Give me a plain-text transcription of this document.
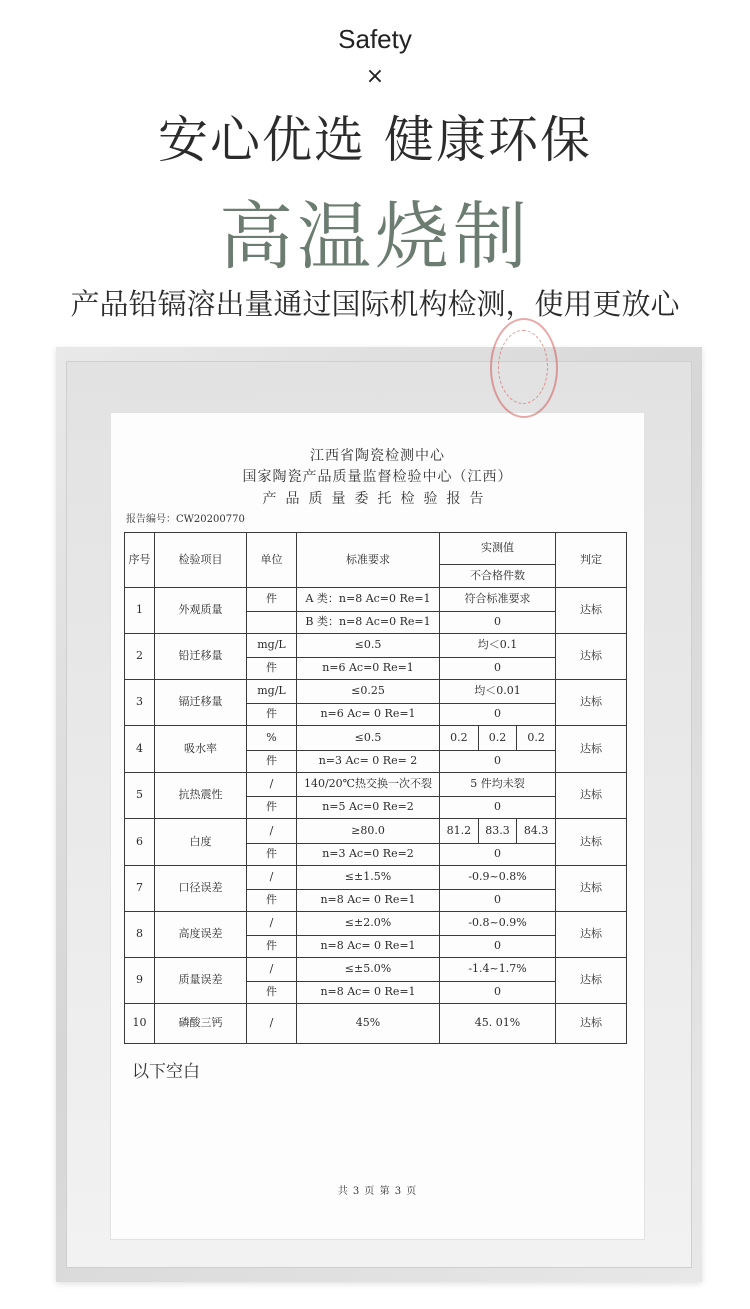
Safety
×
安心优选 健康环保
高温烧制
产品铅镉溶出量通过国际机构检测，使用更放心
江西省陶瓷检测中心
国家陶瓷产品质量监督检验中心（江西）
产品质量委托检验报告
报告编号：CW20200770
序号	检验项目	单位	标准要求	实测值	判定
				不合格件数	
1	外观质量	件	A 类：n=8 Ac=0 Re=1	符合标准要求	达标
			B 类：n=8 Ac=0 Re=1	0	
2	铅迁移量	mg/L	≤0.5	均＜0.1	达标
		件	n=6 Ac=0 Re=1	0	
3	镉迁移量	mg/L	≤0.25	均＜0.01	达标
		件	n=6 Ac= 0 Re=1	0	
4	吸水率	%	≤0.5	0.2 0.2 0.2	达标
		件	n=3 Ac= 0 Re= 2	0	
5	抗热震性	/	140/20℃热交换一次不裂	5 件均未裂	达标
		件	n=5 Ac=0 Re=2	0	
6	白度	/	≥80.0	81.2 83.3 84.3	达标
		件	n=3 Ac=0 Re=2	0	
7	口径误差	/	≤±1.5%	-0.9~0.8%	达标
		件	n=8 Ac= 0 Re=1	0	
8	高度误差	/	≤±2.0%	-0.8~0.9%	达标
		件	n=8 Ac= 0 Re=1	0	
9	质量误差	/	≤±5.0%	-1.4~1.7%	达标
		件	n=8 Ac= 0 Re=1	0	
10	磷酸三钙	/	45%	45. 01%	达标
以下空白
共 3 页 第 3 页
